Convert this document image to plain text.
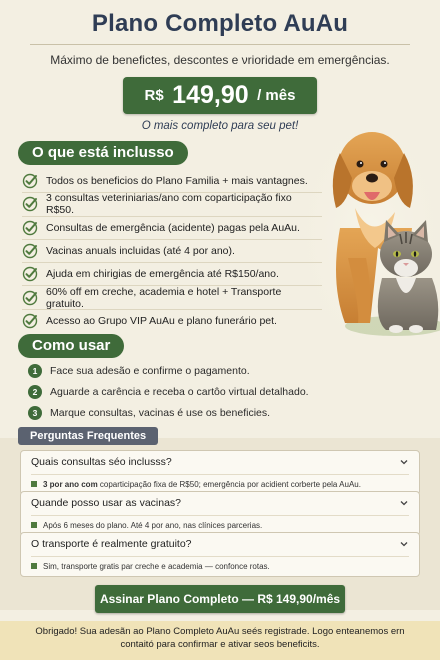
Plano Completo AuAu
Máximo de benefictes, descontes e νrioridade em emergências.
R$ 149,90 / mês
O mais completo para seu pet!
O que está inclusso
Todos os beneficios do Plano Familia + mais vantagnes.
3 consultas veteriniarias/ano com coparticipação fixo R$50.
Consultas de emergência (acidente) pagas pela AuAu.
Vacinas anuals incluidas (até 4 por ano).
Ajuda em chirigias de emergência até R$150/ano.
60% off em creche, academia e hotel + Transporte gratuito.
Acesso ao Grupo VIP AuAu e plano funerário pet.
Como usar
1	Face sua adesão e confirme o pagamento.
2	Aguarde a carência e receba o cartôo virtual detalhado.
3	Marque consultas, vacinas é use os beneficies.
Quais consultas séo inclusss?
3 por ano com coparticipação fixa de R$50; emergência por acidient corberte pela AuAu.
Quande posso usar as vacinas?
Após 6 meses do plano. Até 4 por ano, nas clínices parcerias.
O transporte é realmente gratuito?
Sim, transporte gratis par creche e academia — confonce rotas.
Perguntas Frequentes
Assinar Plano Completo — R$ 149,90/mês
Obrigado! Sua adesãn ao Plano Completo AuAu seés registrade. Logo enteanemos ern contaitó para confirmar e ativar seos beneficits.
